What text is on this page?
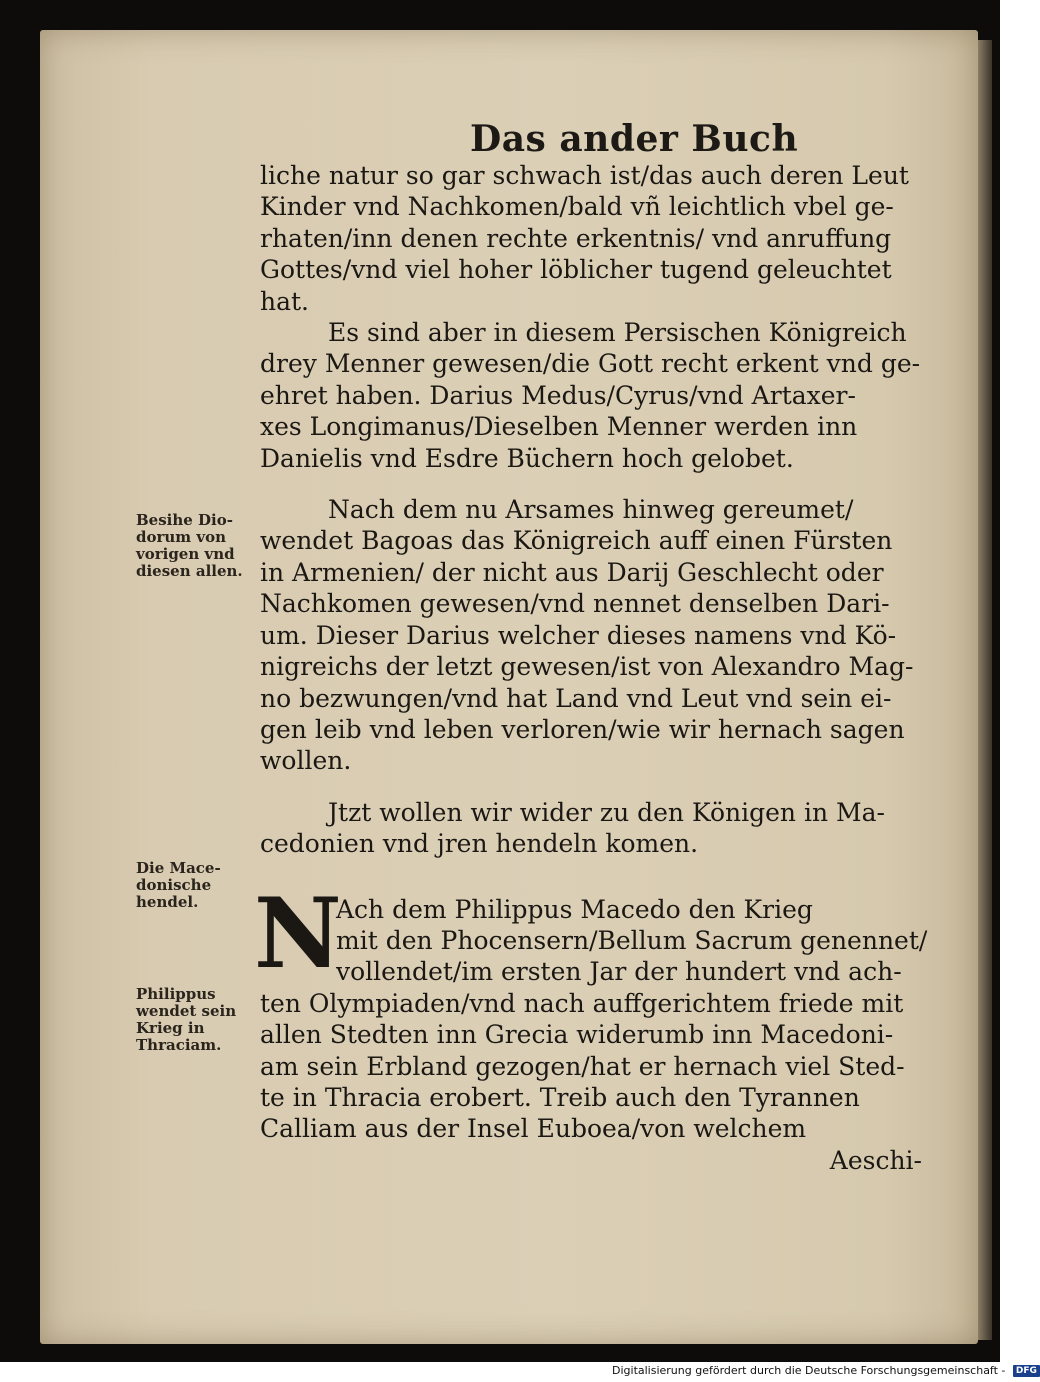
Das ander Buch
Besihe Dio-
dorum von
vorigen vnd
diesen allen.
Die Mace-
donische
hendel.
Philippus
wendet sein
Krieg in
Thraciam.
liche natur so gar schwach ist/das auch deren Leut
Kinder vnd Nachkomen/bald vñ leichtlich vbel ge-
rhaten/inn denen rechte erkentnis/ vnd anruffung
Gottes/vnd viel hoher löblicher tugend geleuchtet
hat.
Es sind aber in diesem Persischen Königreich
drey Menner gewesen/die Gott recht erkent vnd ge-
ehret haben. Darius Medus/Cyrus/vnd Artaxer-
xes Longimanus/Dieselben Menner werden inn
Danielis vnd Esdre Büchern hoch gelobet.
Nach dem nu Arsames hinweg gereumet/
wendet Bagoas das Königreich auff einen Fürsten
in Armenien/ der nicht aus Darij Geschlecht oder
Nachkomen gewesen/vnd nennet denselben Dari-
um. Dieser Darius welcher dieses namens vnd Kö-
nigreichs der letzt gewesen/ist von Alexandro Mag-
no bezwungen/vnd hat Land vnd Leut vnd sein ei-
gen leib vnd leben verloren/wie wir hernach sagen
wollen.
Jtzt wollen wir wider zu den Königen in Ma-
cedonien vnd jren hendeln komen.
N
Ach dem Philippus Macedo den Krieg
mit den Phocensern/Bellum Sacrum genennet/
vollendet/im ersten Jar der hundert vnd ach-
ten Olympiaden/vnd nach auffgerichtem friede mit
allen Stedten inn Grecia widerumb inn Macedoni-
am sein Erbland gezogen/hat er hernach viel Sted-
te in Thracia erobert. Treib auch den Tyrannen
Calliam aus der Insel Euboea/von welchem
Aeschi-
Digitalisierung gefördert durch die Deutsche Forschungsgemeinschaft - DFG
